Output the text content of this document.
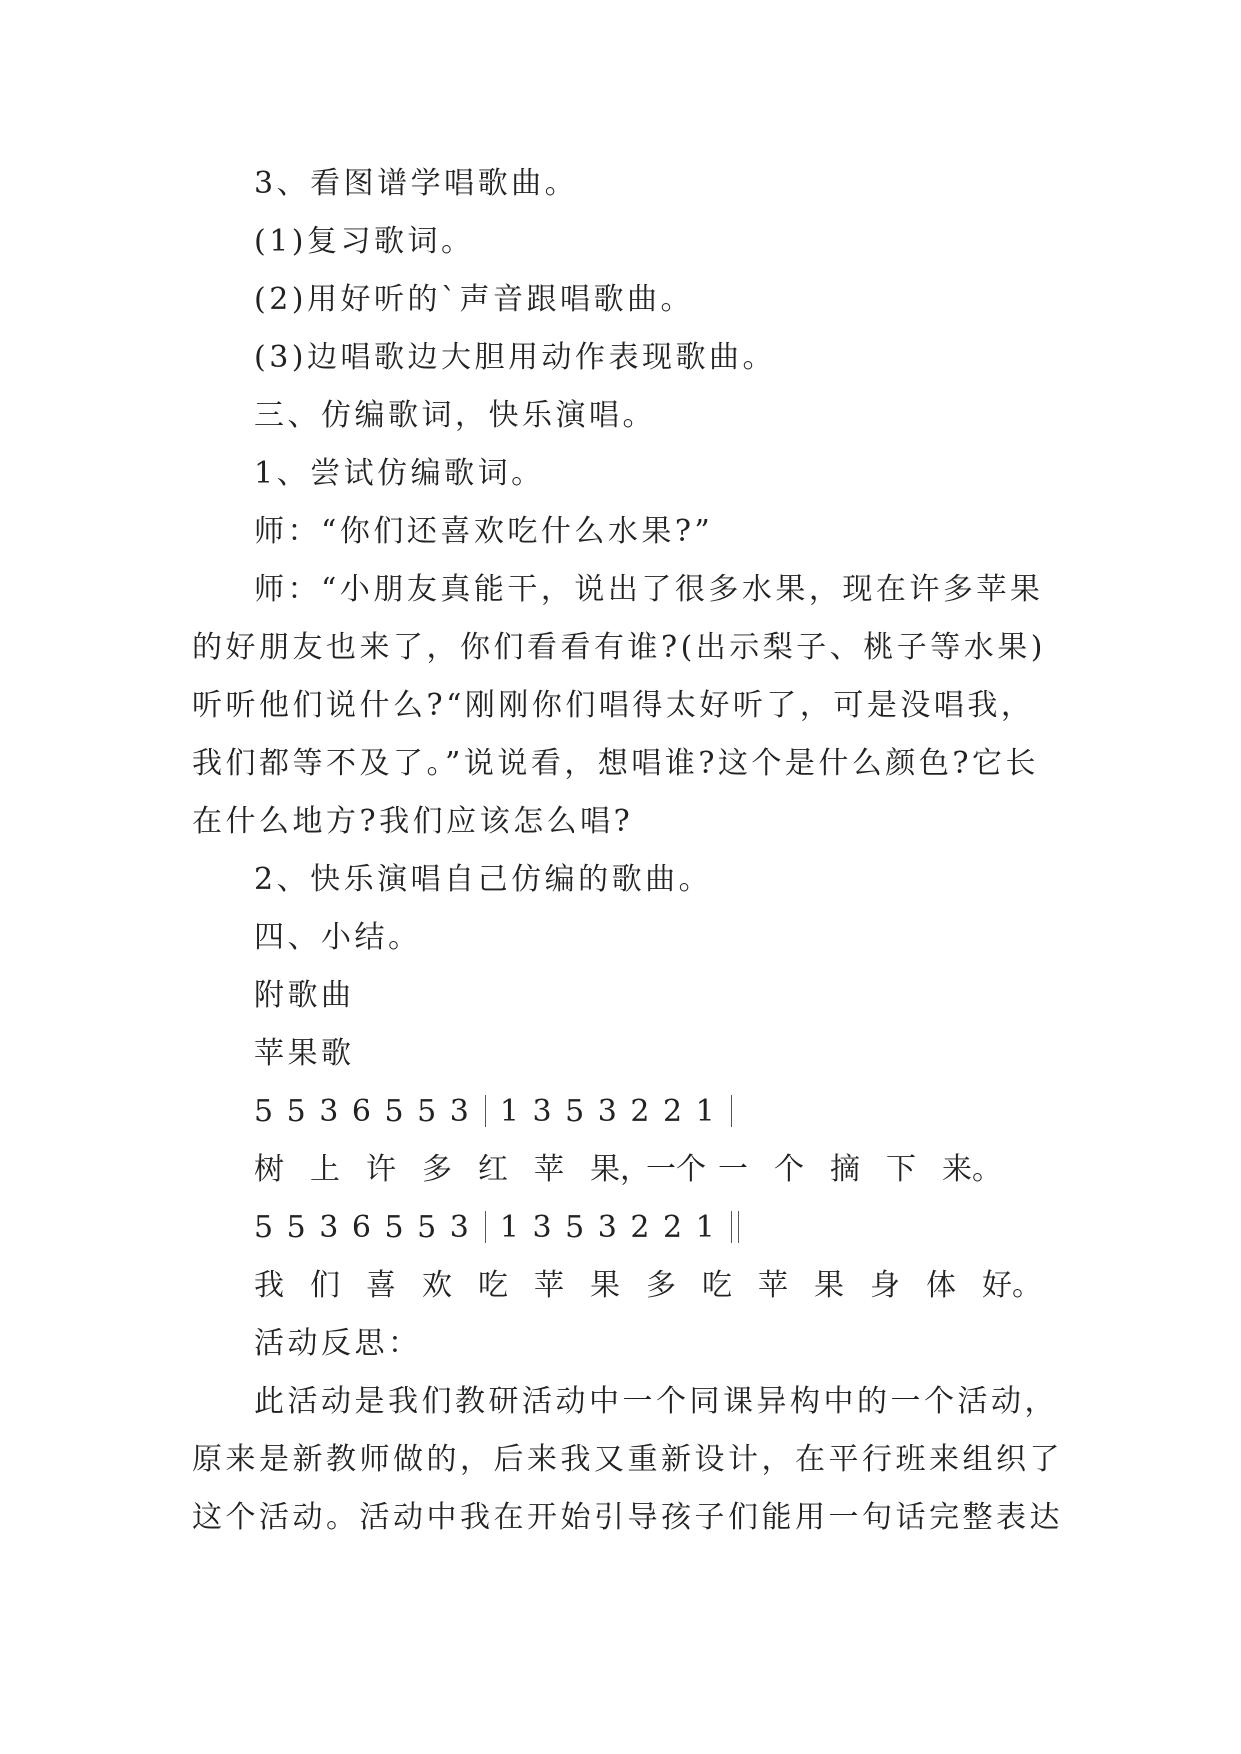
3、看图谱学唱歌曲。
(1)复习歌词。
(2)用好听的`声音跟唱歌曲。
(3)边唱歌边大胆用动作表现歌曲。
三、仿编歌词，快乐演唱。
1、尝试仿编歌词。
师：“你们还喜欢吃什么水果?”
师：“小朋友真能干，说出了很多水果，现在许多苹果
的好朋友也来了，你们看看有谁?(出示梨子、桃子等水果)
听听他们说什么?“刚刚你们唱得太好听了，可是没唱我，
我们都等不及了。”说说看，想唱谁?这个是什么颜色?它长
在什么地方?我们应该怎么唱?
2、快乐演唱自己仿编的歌曲。
四、小结。
附歌曲
苹果歌
5 5 3 6 5 5 3 1 3 5 3 2 2 1
树 上 许 多 红 苹 果，一个 一 个 摘 下 来。
5 5 3 6 5 5 3 1 3 5 3 2 2 1
我 们 喜 欢 吃 苹 果 多 吃 苹 果 身 体 好。
活动反思：
此活动是我们教研活动中一个同课异构中的一个活动，
原来是新教师做的，后来我又重新设计，在平行班来组织了
这个活动。活动中我在开始引导孩子们能用一句话完整表达
